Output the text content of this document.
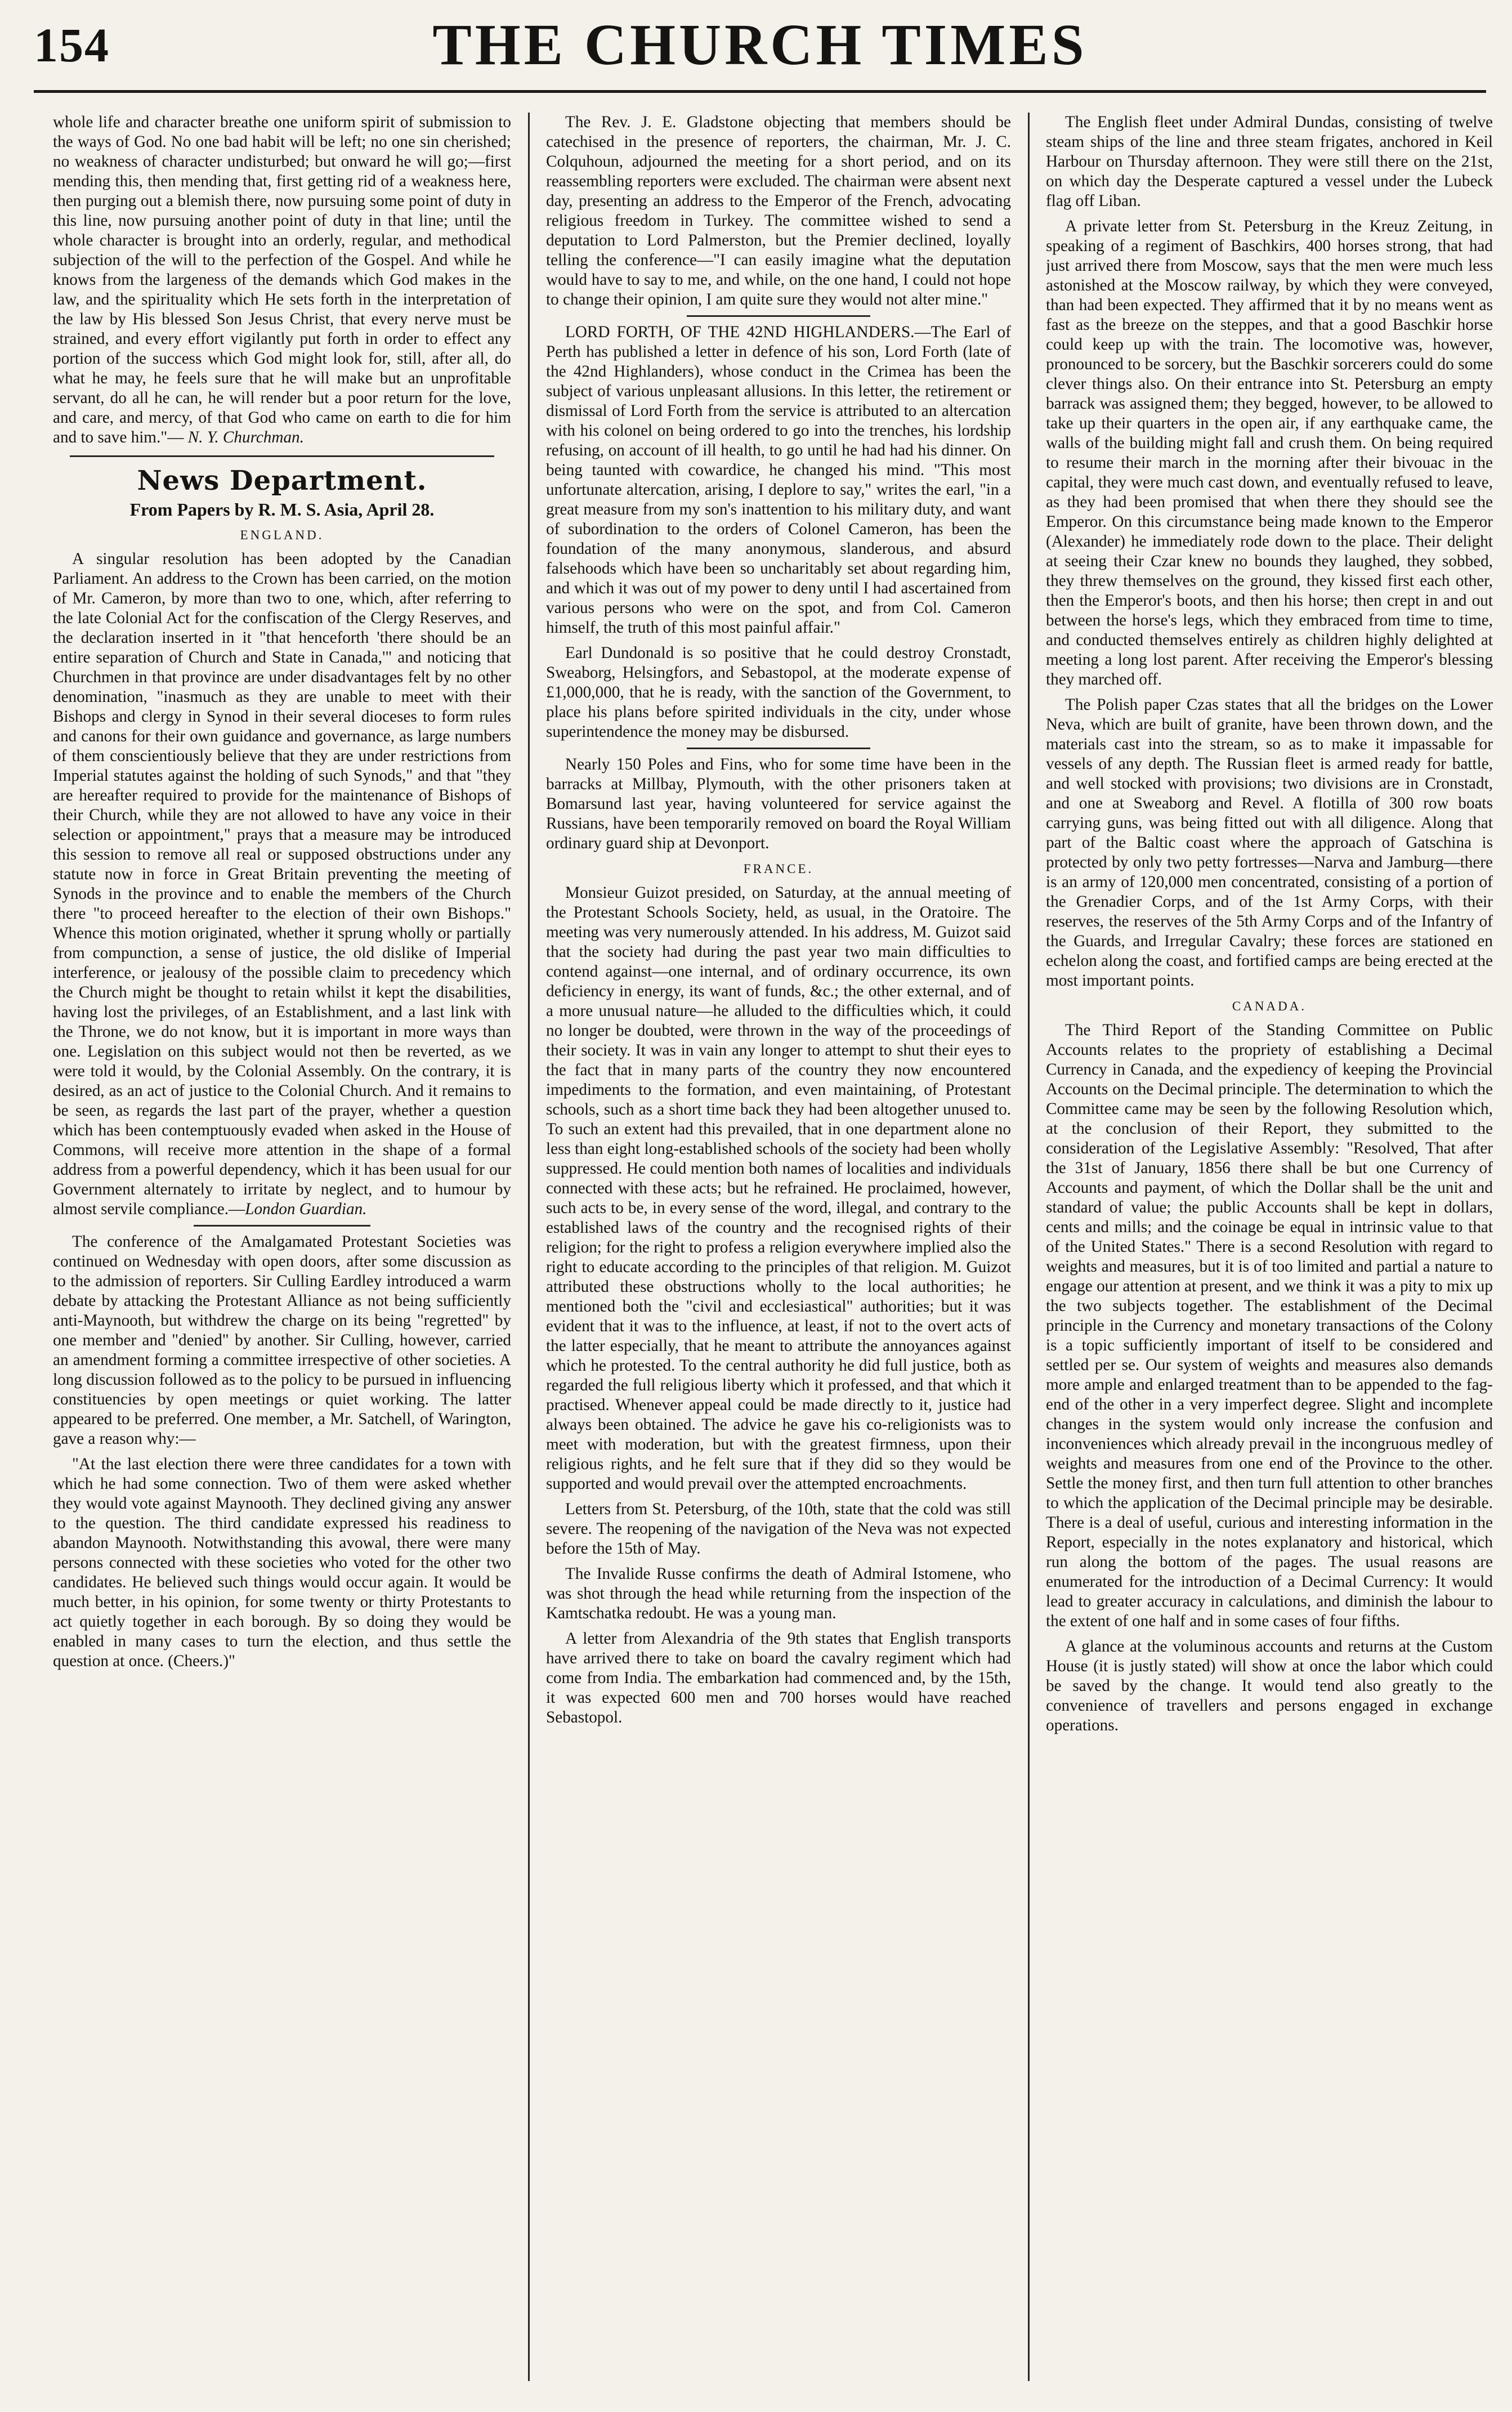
154	THE CHURCH TIMES

whole life and character breathe one uniform spirit of submission to the ways of God. No one bad habit will be left; no one sin cherished; no weakness of character undisturbed; but onward he will go;—first mending this, then mending that, first getting rid of a weakness here, then purging out a blemish there, now pursuing some point of duty in this line, now pursuing another point of duty in that line; until the whole character is brought into an orderly, regular, and methodical subjection of the will to the perfection of the Gospel. And while he knows from the largeness of the demands which God makes in the law, and the spirituality which He sets forth in the interpretation of the law by His blessed Son Jesus Christ, that every nerve must be strained, and every effort vigilantly put forth in order to effect any portion of the success which God might look for, still, after all, do what he may, he feels sure that he will make but an unprofitable servant, do all he can, he will render but a poor return for the love, and care, and mercy, of that God who came on earth to die for him and to save him."— N. Y. Churchman.

News Department.
From Papers by R. M. S. Asia, April 28.
ENGLAND.

A singular resolution has been adopted by the Canadian Parliament. An address to the Crown has been carried, on the motion of Mr. Cameron, by more than two to one, which, after referring to the late Colonial Act for the confiscation of the Clergy Reserves, and the declaration inserted in it "that henceforth 'there should be an entire separation of Church and State in Canada,'" and noticing that Churchmen in that province are under disadvantages felt by no other denomination, "inasmuch as they are unable to meet with their Bishops and clergy in Synod in their several dioceses to form rules and canons for their own guidance and governance, as large numbers of them conscientiously believe that they are under restrictions from Imperial statutes against the holding of such Synods," and that "they are hereafter required to provide for the maintenance of Bishops of their Church, while they are not allowed to have any voice in their selection or appointment," prays that a measure may be introduced this session to remove all real or supposed obstructions under any statute now in force in Great Britain preventing the meeting of Synods in the province and to enable the members of the Church there "to proceed hereafter to the election of their own Bishops." Whence this motion originated, whether it sprung wholly or partially from compunction, a sense of justice, the old dislike of Imperial interference, or jealousy of the possible claim to precedency which the Church might be thought to retain whilst it kept the disabilities, having lost the privileges, of an Establishment, and a last link with the Throne, we do not know, but it is important in more ways than one. Legislation on this subject would not then be reverted, as we were told it would, by the Colonial Assembly. On the contrary, it is desired, as an act of justice to the Colonial Church. And it remains to be seen, as regards the last part of the prayer, whether a question which has been contemptuously evaded when asked in the House of Commons, will receive more attention in the shape of a formal address from a powerful dependency, which it has been usual for our Government alternately to irritate by neglect, and to humour by almost servile compliance.—London Guardian.

The conference of the Amalgamated Protestant Societies was continued on Wednesday with open doors, after some discussion as to the admission of reporters. Sir Culling Eardley introduced a warm debate by attacking the Protestant Alliance as not being sufficiently anti-Maynooth, but withdrew the charge on its being "regretted" by one member and "denied" by another. Sir Culling, however, carried an amendment forming a committee irrespective of other societies. A long discussion followed as to the policy to be pursued in influencing constituencies by open meetings or quiet working. The latter appeared to be preferred. One member, a Mr. Satchell, of Warington, gave a reason why:—

"At the last election there were three candidates for a town with which he had some connection. Two of them were asked whether they would vote against Maynooth. They declined giving any answer to the question. The third candidate expressed his readiness to abandon Maynooth. Notwithstanding this avowal, there were many persons connected with these societies who voted for the other two candidates. He believed such things would occur again. It would be much better, in his opinion, for some twenty or thirty Protestants to act quietly together in each borough. By so doing they would be enabled in many cases to turn the election, and thus settle the question at once. (Cheers.)"

The Rev. J. E. Gladstone objecting that members should be catechised in the presence of reporters, the chairman, Mr. J. C. Colquhoun, adjourned the meeting for a short period, and on its reassembling reporters were excluded. The chairman were absent next day, presenting an address to the Emperor of the French, advocating religious freedom in Turkey. The committee wished to send a deputation to Lord Palmerston, but the Premier declined, loyally telling the conference—"I can easily imagine what the deputation would have to say to me, and while, on the one hand, I could not hope to change their opinion, I am quite sure they would not alter mine."

LORD FORTH, OF THE 42ND HIGHLANDERS.—The Earl of Perth has published a letter in defence of his son, Lord Forth (late of the 42nd Highlanders), whose conduct in the Crimea has been the subject of various unpleasant allusions. In this letter, the retirement or dismissal of Lord Forth from the service is attributed to an altercation with his colonel on being ordered to go into the trenches, his lordship refusing, on account of ill health, to go until he had had his dinner. On being taunted with cowardice, he changed his mind. "This most unfortunate altercation, arising, I deplore to say," writes the earl, "in a great measure from my son's inattention to his military duty, and want of subordination to the orders of Colonel Cameron, has been the foundation of the many anonymous, slanderous, and absurd falsehoods which have been so uncharitably set about regarding him, and which it was out of my power to deny until I had ascertained from various persons who were on the spot, and from Col. Cameron himself, the truth of this most painful affair."

Earl Dundonald is so positive that he could destroy Cronstadt, Sweaborg, Helsingfors, and Sebastopol, at the moderate expense of £1,000,000, that he is ready, with the sanction of the Government, to place his plans before spirited individuals in the city, under whose superintendence the money may be disbursed.

Nearly 150 Poles and Fins, who for some time have been in the barracks at Millbay, Plymouth, with the other prisoners taken at Bomarsund last year, having volunteered for service against the Russians, have been temporarily removed on board the Royal William ordinary guard ship at Devonport.

FRANCE.

Monsieur Guizot presided, on Saturday, at the annual meeting of the Protestant Schools Society, held, as usual, in the Oratoire. The meeting was very numerously attended. In his address, M. Guizot said that the society had during the past year two main difficulties to contend against—one internal, and of ordinary occurrence, its own deficiency in energy, its want of funds, &c.; the other external, and of a more unusual nature—he alluded to the difficulties which, it could no longer be doubted, were thrown in the way of the proceedings of their society. It was in vain any longer to attempt to shut their eyes to the fact that in many parts of the country they now encountered impediments to the formation, and even maintaining, of Protestant schools, such as a short time back they had been altogether unused to. To such an extent had this prevailed, that in one department alone no less than eight long-established schools of the society had been wholly suppressed. He could mention both names of localities and individuals connected with these acts; but he refrained. He proclaimed, however, such acts to be, in every sense of the word, illegal, and contrary to the established laws of the country and the recognised rights of their religion; for the right to profess a religion everywhere implied also the right to educate according to the principles of that religion. M. Guizot attributed these obstructions wholly to the local authorities; he mentioned both the "civil and ecclesiastical" authorities; but it was evident that it was to the influence, at least, if not to the overt acts of the latter especially, that he meant to attribute the annoyances against which he protested. To the central authority he did full justice, both as regarded the full religious liberty which it professed, and that which it practised. Whenever appeal could be made directly to it, justice had always been obtained. The advice he gave his co-religionists was to meet with moderation, but with the greatest firmness, upon their religious rights, and he felt sure that if they did so they would be supported and would prevail over the attempted encroachments.

Letters from St. Petersburg, of the 10th, state that the cold was still severe. The reopening of the navigation of the Neva was not expected before the 15th of May.

The Invalide Russe confirms the death of Admiral Istomene, who was shot through the head while returning from the inspection of the Kamtschatka redoubt. He was a young man.

A letter from Alexandria of the 9th states that English transports have arrived there to take on board the cavalry regiment which had come from India. The embarkation had commenced and, by the 15th, it was expected 600 men and 700 horses would have reached Sebastopol.

The English fleet under Admiral Dundas, consisting of twelve steam ships of the line and three steam frigates, anchored in Keil Harbour on Thursday afternoon. They were still there on the 21st, on which day the Desperate captured a vessel under the Lubeck flag off Liban.

A private letter from St. Petersburg in the Kreuz Zeitung, in speaking of a regiment of Baschkirs, 400 horses strong, that had just arrived there from Moscow, says that the men were much less astonished at the Moscow railway, by which they were conveyed, than had been expected. They affirmed that it by no means went as fast as the breeze on the steppes, and that a good Baschkir horse could keep up with the train. The locomotive was, however, pronounced to be sorcery, but the Baschkir sorcerers could do some clever things also. On their entrance into St. Petersburg an empty barrack was assigned them; they begged, however, to be allowed to take up their quarters in the open air, if any earthquake came, the walls of the building might fall and crush them. On being required to resume their march in the morning after their bivouac in the capital, they were much cast down, and eventually refused to leave, as they had been promised that when there they should see the Emperor. On this circumstance being made known to the Emperor (Alexander) he immediately rode down to the place. Their delight at seeing their Czar knew no bounds they laughed, they sobbed, they threw themselves on the ground, they kissed first each other, then the Emperor's boots, and then his horse; then crept in and out between the horse's legs, which they embraced from time to time, and conducted themselves entirely as children highly delighted at meeting a long lost parent. After receiving the Emperor's blessing they marched off.

The Polish paper Czas states that all the bridges on the Lower Neva, which are built of granite, have been thrown down, and the materials cast into the stream, so as to make it impassable for vessels of any depth. The Russian fleet is armed ready for battle, and well stocked with provisions; two divisions are in Cronstadt, and one at Sweaborg and Revel. A flotilla of 300 row boats carrying guns, was being fitted out with all diligence. Along that part of the Baltic coast where the approach of Gatschina is protected by only two petty fortresses—Narva and Jamburg—there is an army of 120,000 men concentrated, consisting of a portion of the Grenadier Corps, and of the 1st Army Corps, with their reserves, the reserves of the 5th Army Corps and of the Infantry of the Guards, and Irregular Cavalry; these forces are stationed en echelon along the coast, and fortified camps are being erected at the most important points.

CANADA.

The Third Report of the Standing Committee on Public Accounts relates to the propriety of establishing a Decimal Currency in Canada, and the expediency of keeping the Provincial Accounts on the Decimal principle. The determination to which the Committee came may be seen by the following Resolution which, at the conclusion of their Report, they submitted to the consideration of the Legislative Assembly: "Resolved, That after the 31st of January, 1856 there shall be but one Currency of Accounts and payment, of which the Dollar shall be the unit and standard of value; the public Accounts shall be kept in dollars, cents and mills; and the coinage be equal in intrinsic value to that of the United States." There is a second Resolution with regard to weights and measures, but it is of too limited and partial a nature to engage our attention at present, and we think it was a pity to mix up the two subjects together. The establishment of the Decimal principle in the Currency and monetary transactions of the Colony is a topic sufficiently important of itself to be considered and settled per se. Our system of weights and measures also demands more ample and enlarged treatment than to be appended to the fag-end of the other in a very imperfect degree. Slight and incomplete changes in the system would only increase the confusion and inconveniences which already prevail in the incongruous medley of weights and measures from one end of the Province to the other. Settle the money first, and then turn full attention to other branches to which the application of the Decimal principle may be desirable. There is a deal of useful, curious and interesting information in the Report, especially in the notes explanatory and historical, which run along the bottom of the pages. The usual reasons are enumerated for the introduction of a Decimal Currency: It would lead to greater accuracy in calculations, and diminish the labour to the extent of one half and in some cases of four fifths.

A glance at the voluminous accounts and returns at the Custom House (it is justly stated) will show at once the labor which could be saved by the change. It would tend also greatly to the convenience of travellers and persons engaged in exchange operations.
